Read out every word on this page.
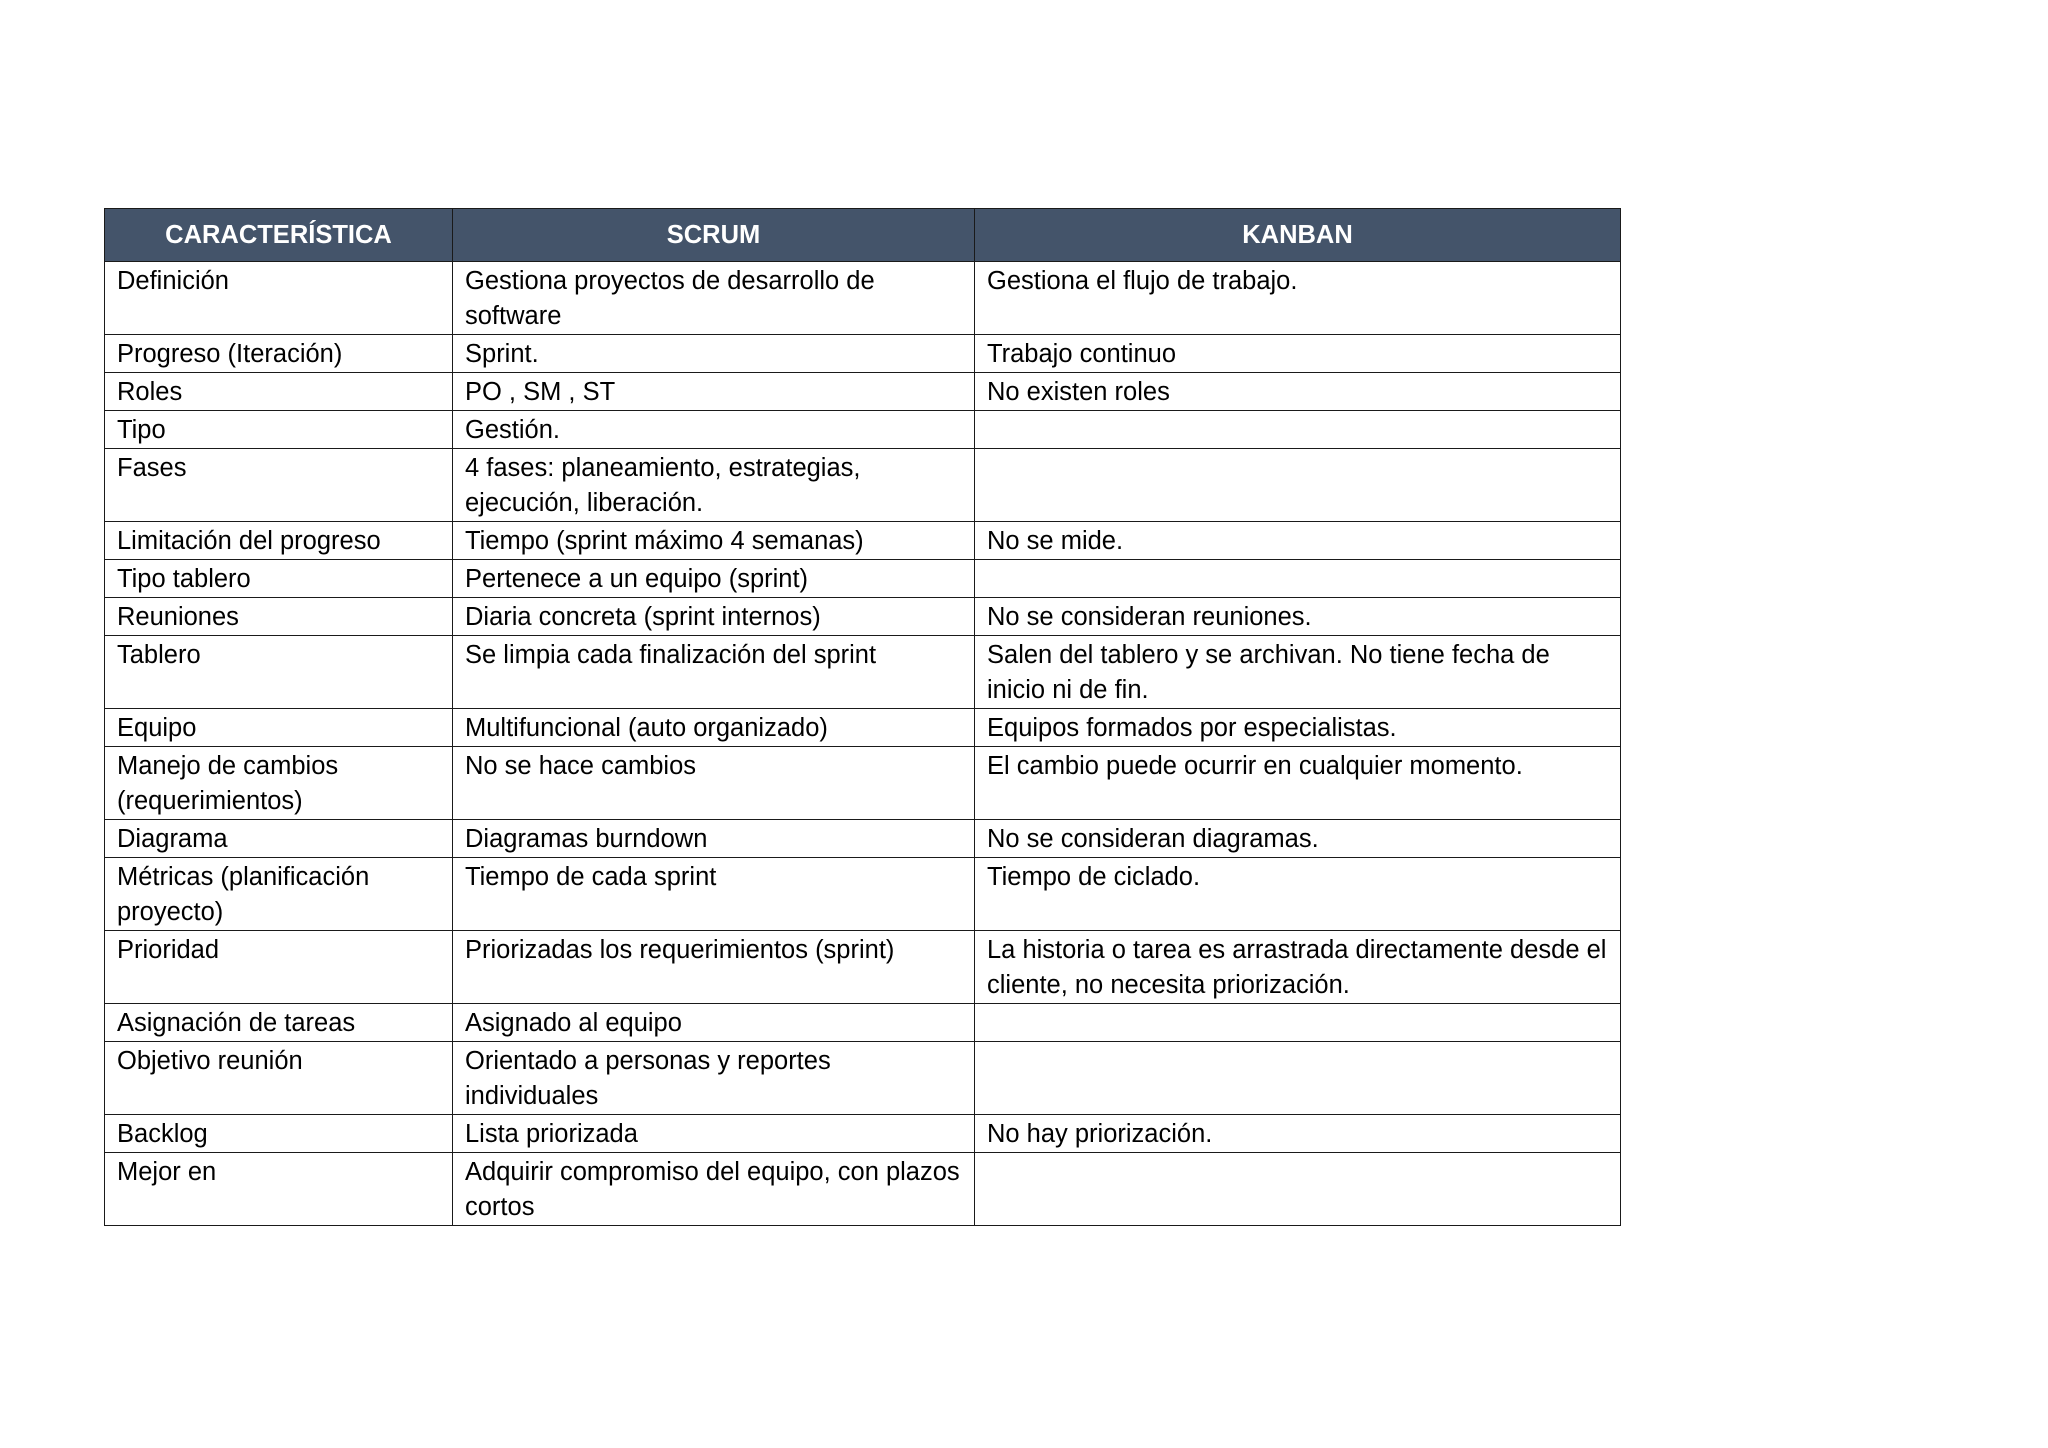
CARACTERÍSTICA	SCRUM	KANBAN
Definición	Gestiona proyectos de desarrollo de software	Gestiona el flujo de trabajo.
Progreso (Iteración)	Sprint.	Trabajo continuo
Roles	PO , SM , ST	No existen roles
Tipo	Gestión.	
Fases	4 fases: planeamiento, estrategias, ejecución, liberación.	
Limitación del progreso	Tiempo (sprint máximo 4 semanas)	No se mide.
Tipo tablero	Pertenece a un equipo (sprint)	
Reuniones	Diaria concreta (sprint internos)	No se consideran reuniones.
Tablero	Se limpia cada finalización del sprint	Salen del tablero y se archivan. No tiene fecha de inicio ni de fin.
Equipo	Multifuncional (auto organizado)	Equipos formados por especialistas.
Manejo de cambios (requerimientos)	No se hace cambios	El cambio puede ocurrir en cualquier momento.
Diagrama	Diagramas burndown	No se consideran diagramas.
Métricas (planificación proyecto)	Tiempo de cada sprint	Tiempo de ciclado.
Prioridad	Priorizadas los requerimientos (sprint)	La historia o tarea es arrastrada directamente desde el cliente, no necesita priorización.
Asignación de tareas	Asignado al equipo	
Objetivo reunión	Orientado a personas y reportes individuales	
Backlog	Lista priorizada	No hay priorización.
Mejor en	Adquirir compromiso del equipo, con plazos cortos	
